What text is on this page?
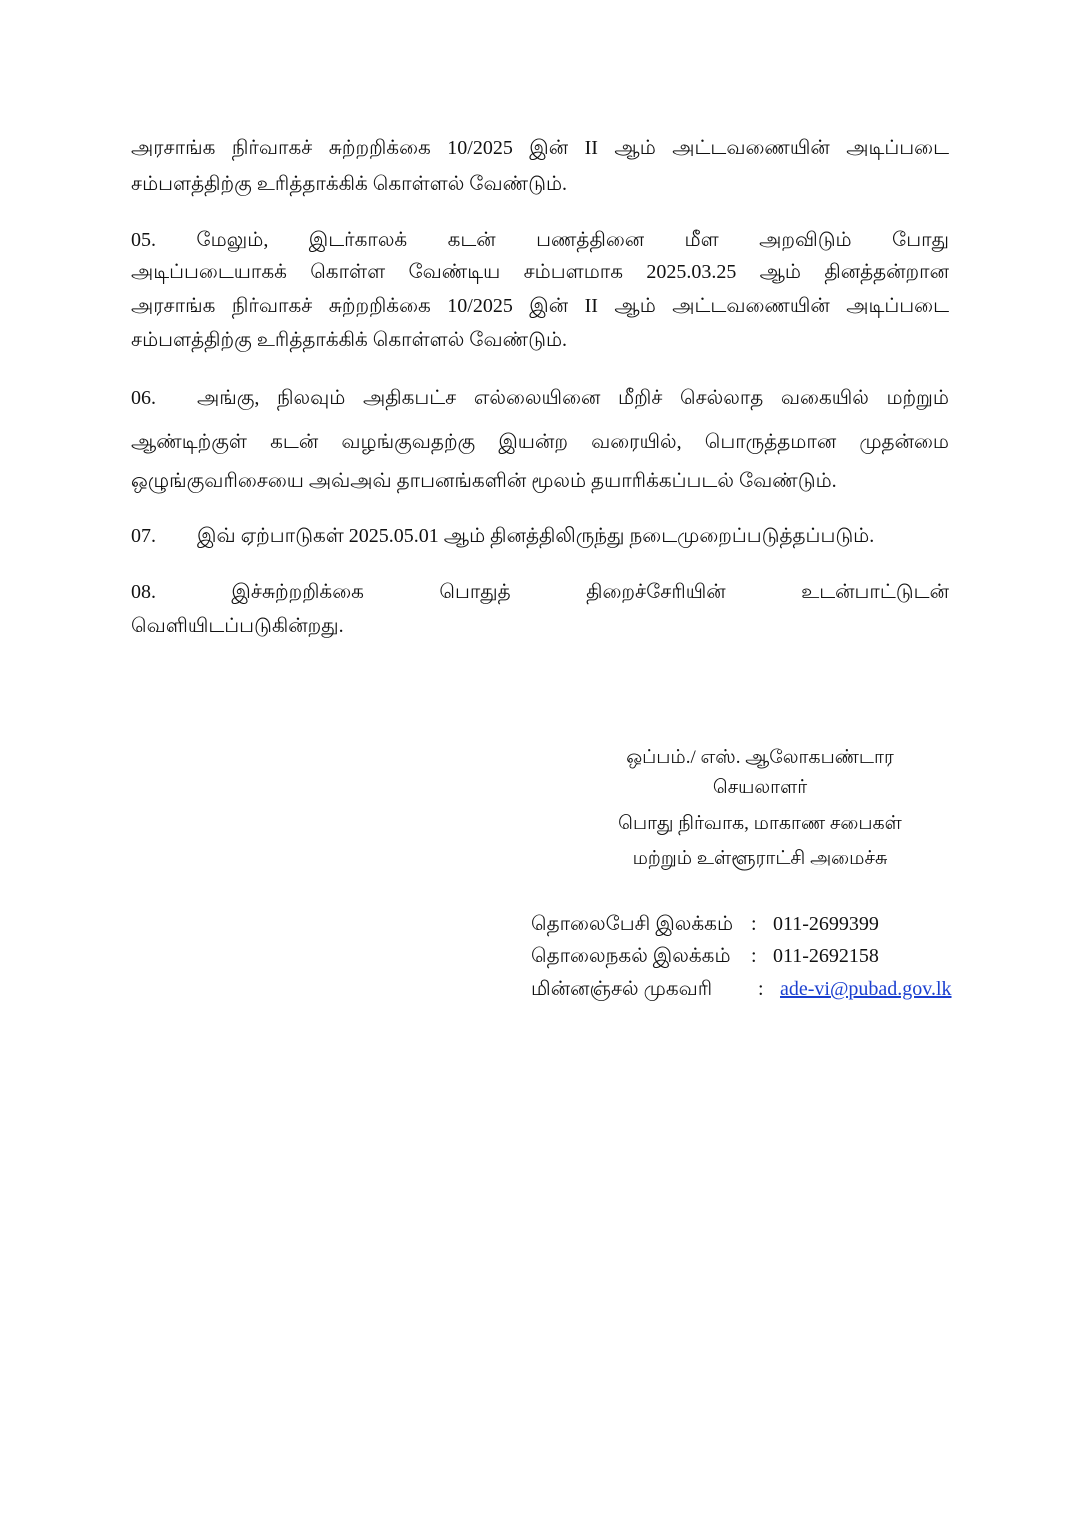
அரசாங்க நிர்வாகச் சுற்றறிக்கை 10/2025 இன் II ஆம் அட்டவணையின் அடிப்படை
சம்பளத்திற்கு உரித்தாக்கிக் கொள்ளல் வேண்டும்.
05. மேலும், இடர்காலக் கடன் பணத்தினை மீள அறவிடும் போது
அடிப்படையாகக் கொள்ள வேண்டிய சம்பளமாக 2025.03.25 ஆம் தினத்தன்றான
அரசாங்க நிர்வாகச் சுற்றறிக்கை 10/2025 இன் II ஆம் அட்டவணையின் அடிப்படை
சம்பளத்திற்கு உரித்தாக்கிக் கொள்ளல் வேண்டும்.
06. அங்கு, நிலவும் அதிகபட்ச எல்லையினை மீறிச் செல்லாத வகையில் மற்றும்
ஆண்டிற்குள் கடன் வழங்குவதற்கு இயன்ற வரையில், பொருத்தமான முதன்மை
ஒழுங்குவரிசையை அவ்அவ் தாபனங்களின் மூலம் தயாரிக்கப்படல் வேண்டும்.
07. இவ் ஏற்பாடுகள் 2025.05.01 ஆம் தினத்திலிருந்து நடைமுறைப்படுத்தப்படும்.
08.	இச்சுற்றறிக்கை	பொதுத்	திறைச்சேரியின்	உடன்பாட்டுடன்
வெளியிடப்படுகின்றது.
ஒப்பம்./ எஸ். ஆலோகபண்டார
செயலாளர்
பொது நிர்வாக, மாகாண சபைகள்
மற்றும் உள்ளூராட்சி அமைச்சு
தொலைபேசி இலக்கம் : 011-2699399
தொலைநகல் இலக்கம் : 011-2692158
மின்னஞ்சல் முகவரி : ade-vi@pubad.gov.lk
